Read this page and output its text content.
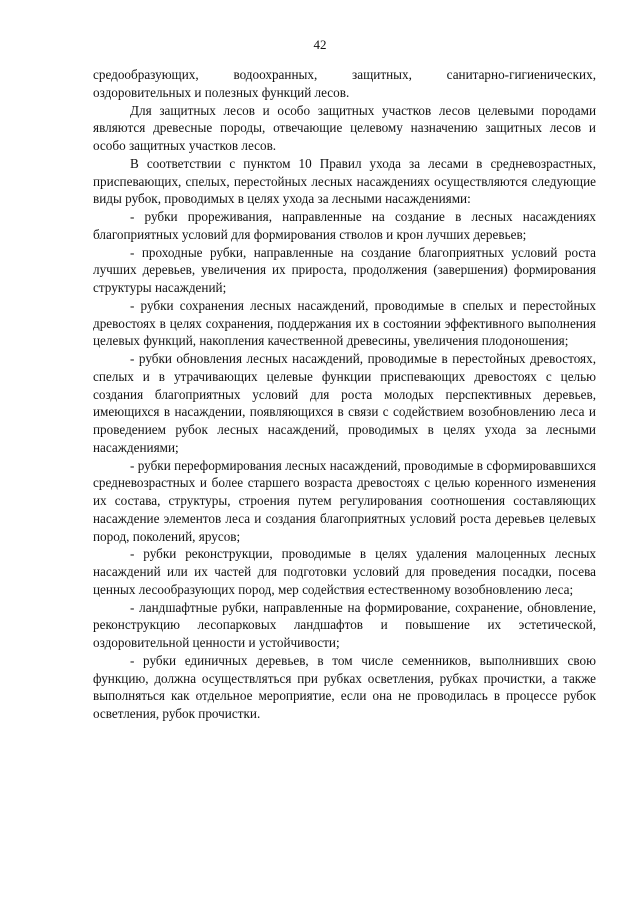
42

средообразующих, водоохранных, защитных, санитарно-гигиенических, оздоровительных и полезных функций лесов.

Для защитных лесов и особо защитных участков лесов целевыми породами являются древесные породы, отвечающие целевому назначению защитных лесов и особо защитных участков лесов.

В соответствии с пунктом 10 Правил ухода за лесами в средневозрастных, приспевающих, спелых, перестойных лесных насаждениях осуществляются следующие виды рубок, проводимых в целях ухода за лесными насаждениями:

- рубки прореживания, направленные на создание в лесных насаждениях благоприятных условий для формирования стволов и крон лучших деревьев;

- проходные рубки, направленные на создание благоприятных условий роста лучших деревьев, увеличения их прироста, продолжения (завершения) формирования структуры насаждений;

- рубки сохранения лесных насаждений, проводимые в спелых и перестойных древостоях в целях сохранения, поддержания их в состоянии эффективного выполнения целевых функций, накопления качественной древесины, увеличения плодоношения;

- рубки обновления лесных насаждений, проводимые в перестойных древостоях, спелых и в утрачивающих целевые функции приспевающих древостоях с целью создания благоприятных условий для роста молодых перспективных деревьев, имеющихся в насаждении, появляющихся в связи с содействием возобновлению леса и проведением рубок лесных насаждений, проводимых в целях ухода за лесными насаждениями;

- рубки переформирования лесных насаждений, проводимые в сформировавшихся средневозрастных и более старшего возраста древостоях с целью коренного изменения их состава, структуры, строения путем регулирования соотношения составляющих насаждение элементов леса и создания благоприятных условий роста деревьев целевых пород, поколений, ярусов;

- рубки реконструкции, проводимые в целях удаления малоценных лесных насаждений или их частей для подготовки условий для проведения посадки, посева ценных лесообразующих пород, мер содействия естественному возобновлению леса;

- ландшафтные рубки, направленные на формирование, сохранение, обновление, реконструкцию лесопарковых ландшафтов и повышение их эстетической, оздоровительной ценности и устойчивости;

- рубки единичных деревьев, в том числе семенников, выполнивших свою функцию, должна осуществляться при рубках осветления, рубках прочистки, а также выполняться как отдельное мероприятие, если она не проводилась в процессе рубок осветления, рубок прочистки.
